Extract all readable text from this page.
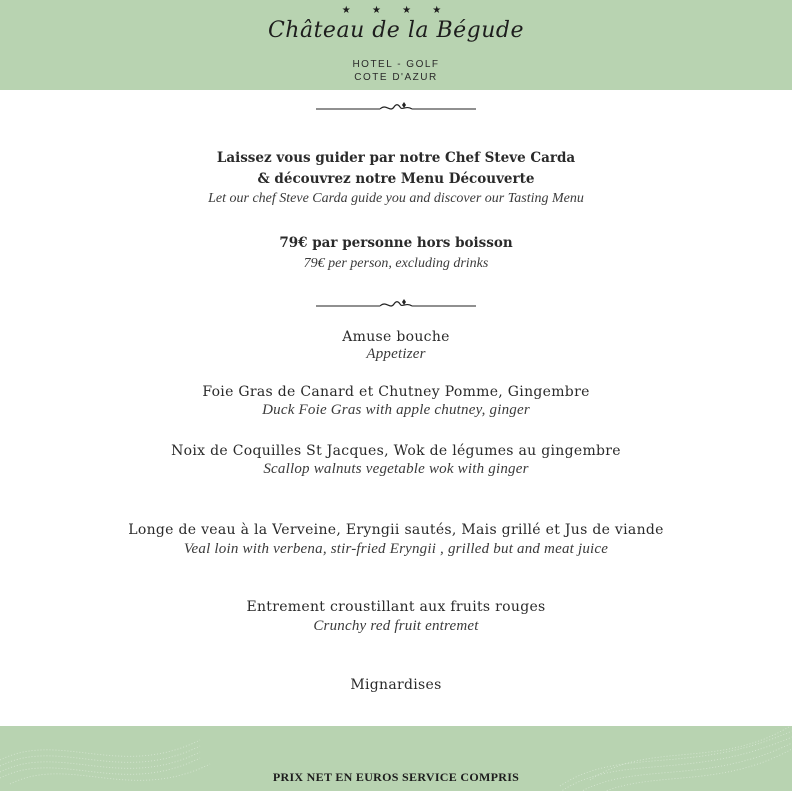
★ ★ ★ ★
Château de la Bégude
HOTEL - GOLF
COTE D'AZUR
Laissez vous guider par notre Chef Steve Carda
& découvrez notre Menu Découverte
Let our chef Steve Carda guide you and discover our Tasting Menu
79€ par personne hors boisson
79€ per person, excluding drinks
Amuse bouche
Appetizer
Foie Gras de Canard et Chutney Pomme, Gingembre
Duck Foie Gras with apple chutney, ginger
Noix de Coquilles St Jacques, Wok de légumes au gingembre
Scallop walnuts vegetable wok with ginger
Longe de veau à la Verveine, Eryngii sautés, Mais grillé et Jus de viande
Veal loin with verbena, stir-fried Eryngii , grilled but and meat juice
Entrement croustillant aux fruits rouges
Crunchy red fruit entremet
Mignardises
PRIX NET EN EUROS SERVICE COMPRIS
